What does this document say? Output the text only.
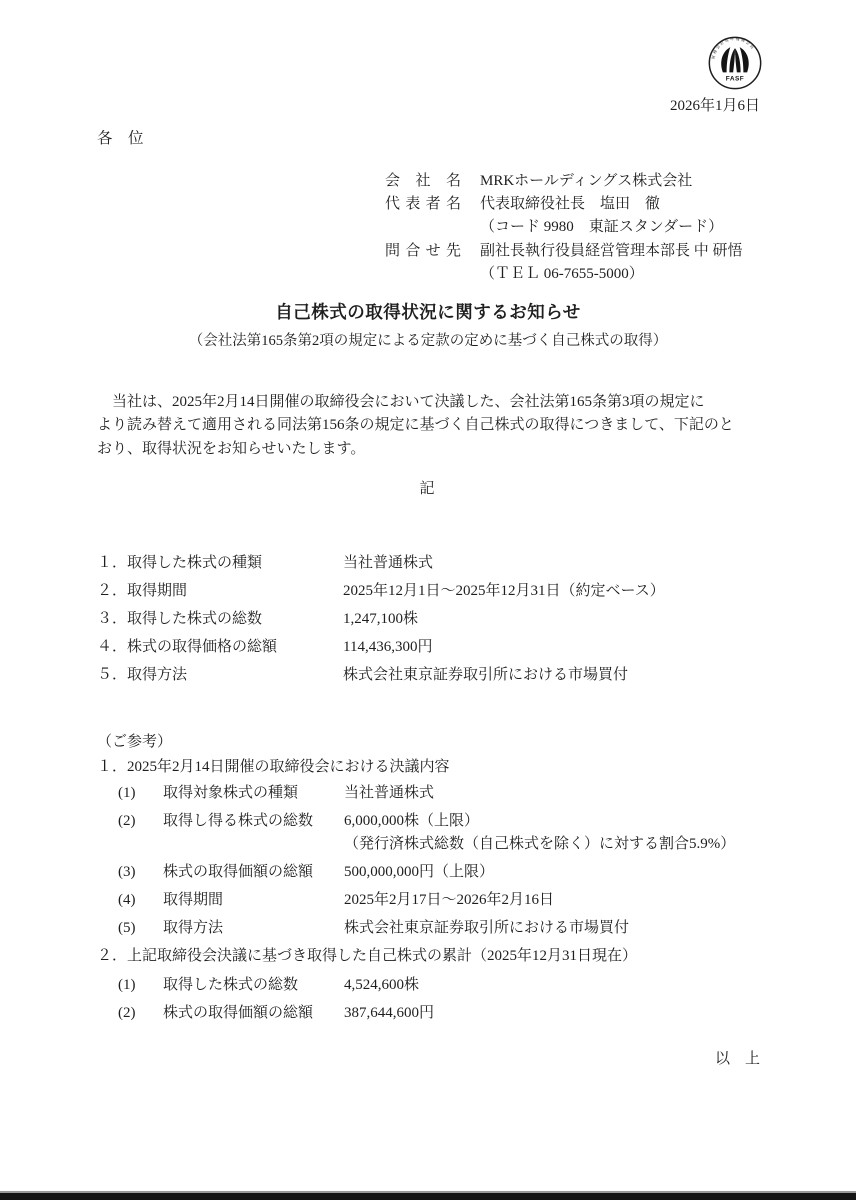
財務会計基準機構会員
FASF
2026年1月6日
各　位
会社名 MRKホールディングス株式会社
代表者名 代表取締役社長　塩田　徹
（コード 9980　東証スタンダード）
問合せ先 副社長執行役員経営管理本部長 中 研悟
（ＴＥＬ 06-7655-5000）
自己株式の取得状況に関するお知らせ
（会社法第165条第2項の規定による定款の定めに基づく自己株式の取得）
　当社は、2025年2月14日開催の取締役会において決議した、会社法第165条第3項の規定に
より読み替えて適用される同法第156条の規定に基づく自己株式の取得につきまして、下記のと
おり、取得状況をお知らせいたします。
記
１．取得した株式の種類	当社普通株式
２．取得期間	2025年12月1日～2025年12月31日（約定ベース）
３．取得した株式の総数	1,247,100株
４．株式の取得価格の総額	114,436,300円
５．取得方法	株式会社東京証券取引所における市場買付
（ご参考）
１．2025年2月14日開催の取締役会における決議内容
(1)	取得対象株式の種類	当社普通株式
(2)	取得し得る株式の総数	6,000,000株（上限）
（発行済株式総数（自己株式を除く）に対する割合5.9%）
(3)	株式の取得価額の総額	500,000,000円（上限）
(4)	取得期間	2025年2月17日～2026年2月16日
(5)	取得方法	株式会社東京証券取引所における市場買付
２．上記取締役会決議に基づき取得した自己株式の累計（2025年12月31日現在）
(1)	取得した株式の総数	4,524,600株
(2)	株式の取得価額の総額	387,644,600円
以　上
